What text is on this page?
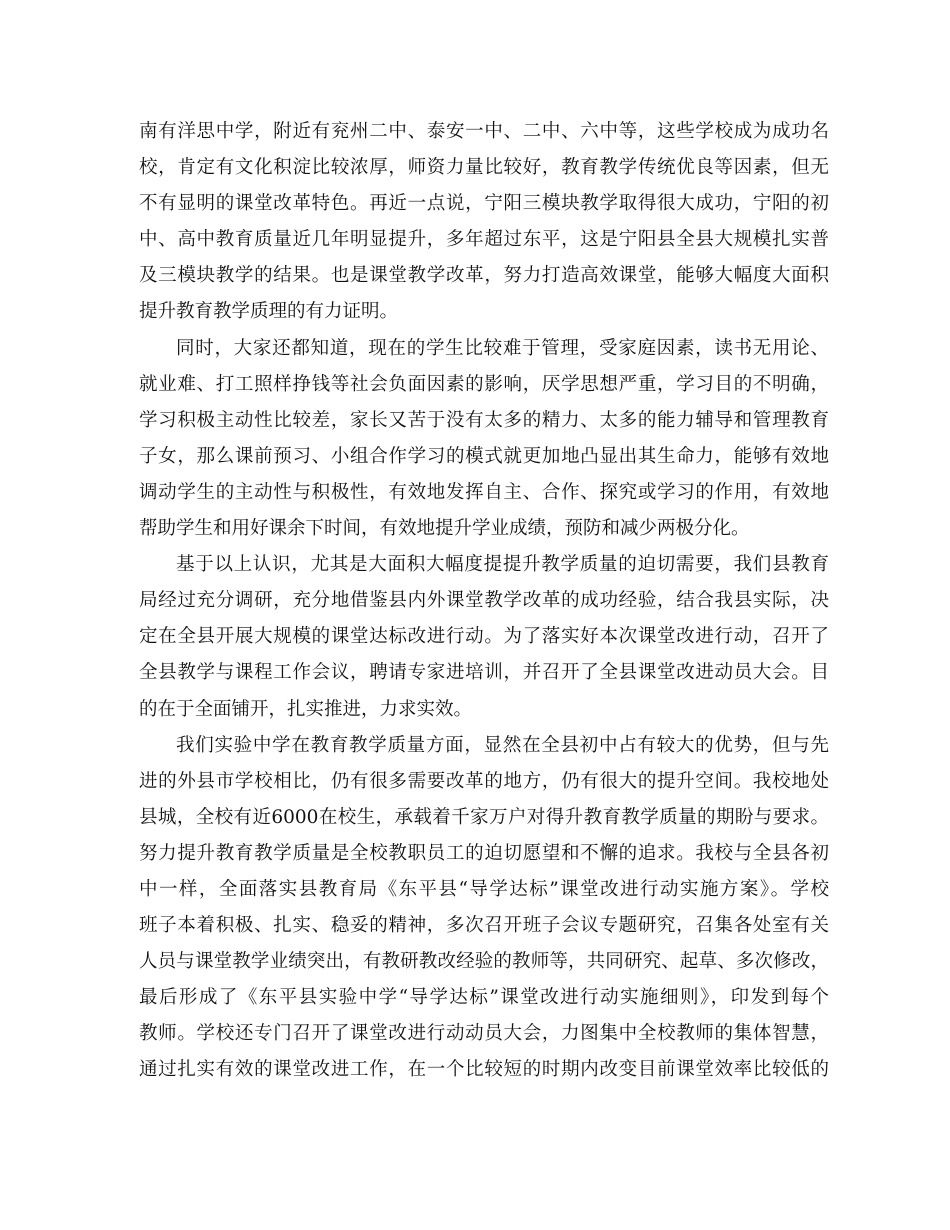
南有洋思中学，附近有兖州二中、泰安一中、二中、六中等，这些学校成为成功名
校，肯定有文化积淀比较浓厚，师资力量比较好，教育教学传统优良等因素，但无
不有显明的课堂改革特色。再近一点说，宁阳三模块教学取得很大成功，宁阳的初
中、高中教育质量近几年明显提升，多年超过东平，这是宁阳县全县大规模扎实普
及三模块教学的结果。也是课堂教学改革，努力打造高效课堂，能够大幅度大面积
提升教育教学质理的有力证明。
同时，大家还都知道，现在的学生比较难于管理，受家庭因素，读书无用论、
就业难、打工照样挣钱等社会负面因素的影响，厌学思想严重，学习目的不明确，
学习积极主动性比较差，家长又苦于没有太多的精力、太多的能力辅导和管理教育
子女，那么课前预习、小组合作学习的模式就更加地凸显出其生命力，能够有效地
调动学生的主动性与积极性，有效地发挥自主、合作、探究或学习的作用，有效地
帮助学生和用好课余下时间，有效地提升学业成绩，预防和减少两极分化。
基于以上认识，尤其是大面积大幅度提提升教学质量的迫切需要，我们县教育
局经过充分调研，充分地借鉴县内外课堂教学改革的成功经验，结合我县实际，决
定在全县开展大规模的课堂达标改进行动。为了落实好本次课堂改进行动，召开了
全县教学与课程工作会议，聘请专家进培训，并召开了全县课堂改进动员大会。目
的在于全面铺开，扎实推进，力求实效。
我们实验中学在教育教学质量方面，显然在全县初中占有较大的优势，但与先
进的外县市学校相比，仍有很多需要改革的地方，仍有很大的提升空间。我校地处
县城，全校有近6000在校生，承载着千家万户对得升教育教学质量的期盼与要求。
努力提升教育教学质量是全校教职员工的迫切愿望和不懈的追求。我校与全县各初
中一样，全面落实县教育局《东平县“导学达标”课堂改进行动实施方案》。学校
班子本着积极、扎实、稳妥的精神，多次召开班子会议专题研究，召集各处室有关
人员与课堂教学业绩突出，有教研教改经验的教师等，共同研究、起草、多次修改，
最后形成了《东平县实验中学“导学达标”课堂改进行动实施细则》，印发到每个
教师。学校还专门召开了课堂改进行动动员大会，力图集中全校教师的集体智慧，
通过扎实有效的课堂改进工作，在一个比较短的时期内改变目前课堂效率比较低的
